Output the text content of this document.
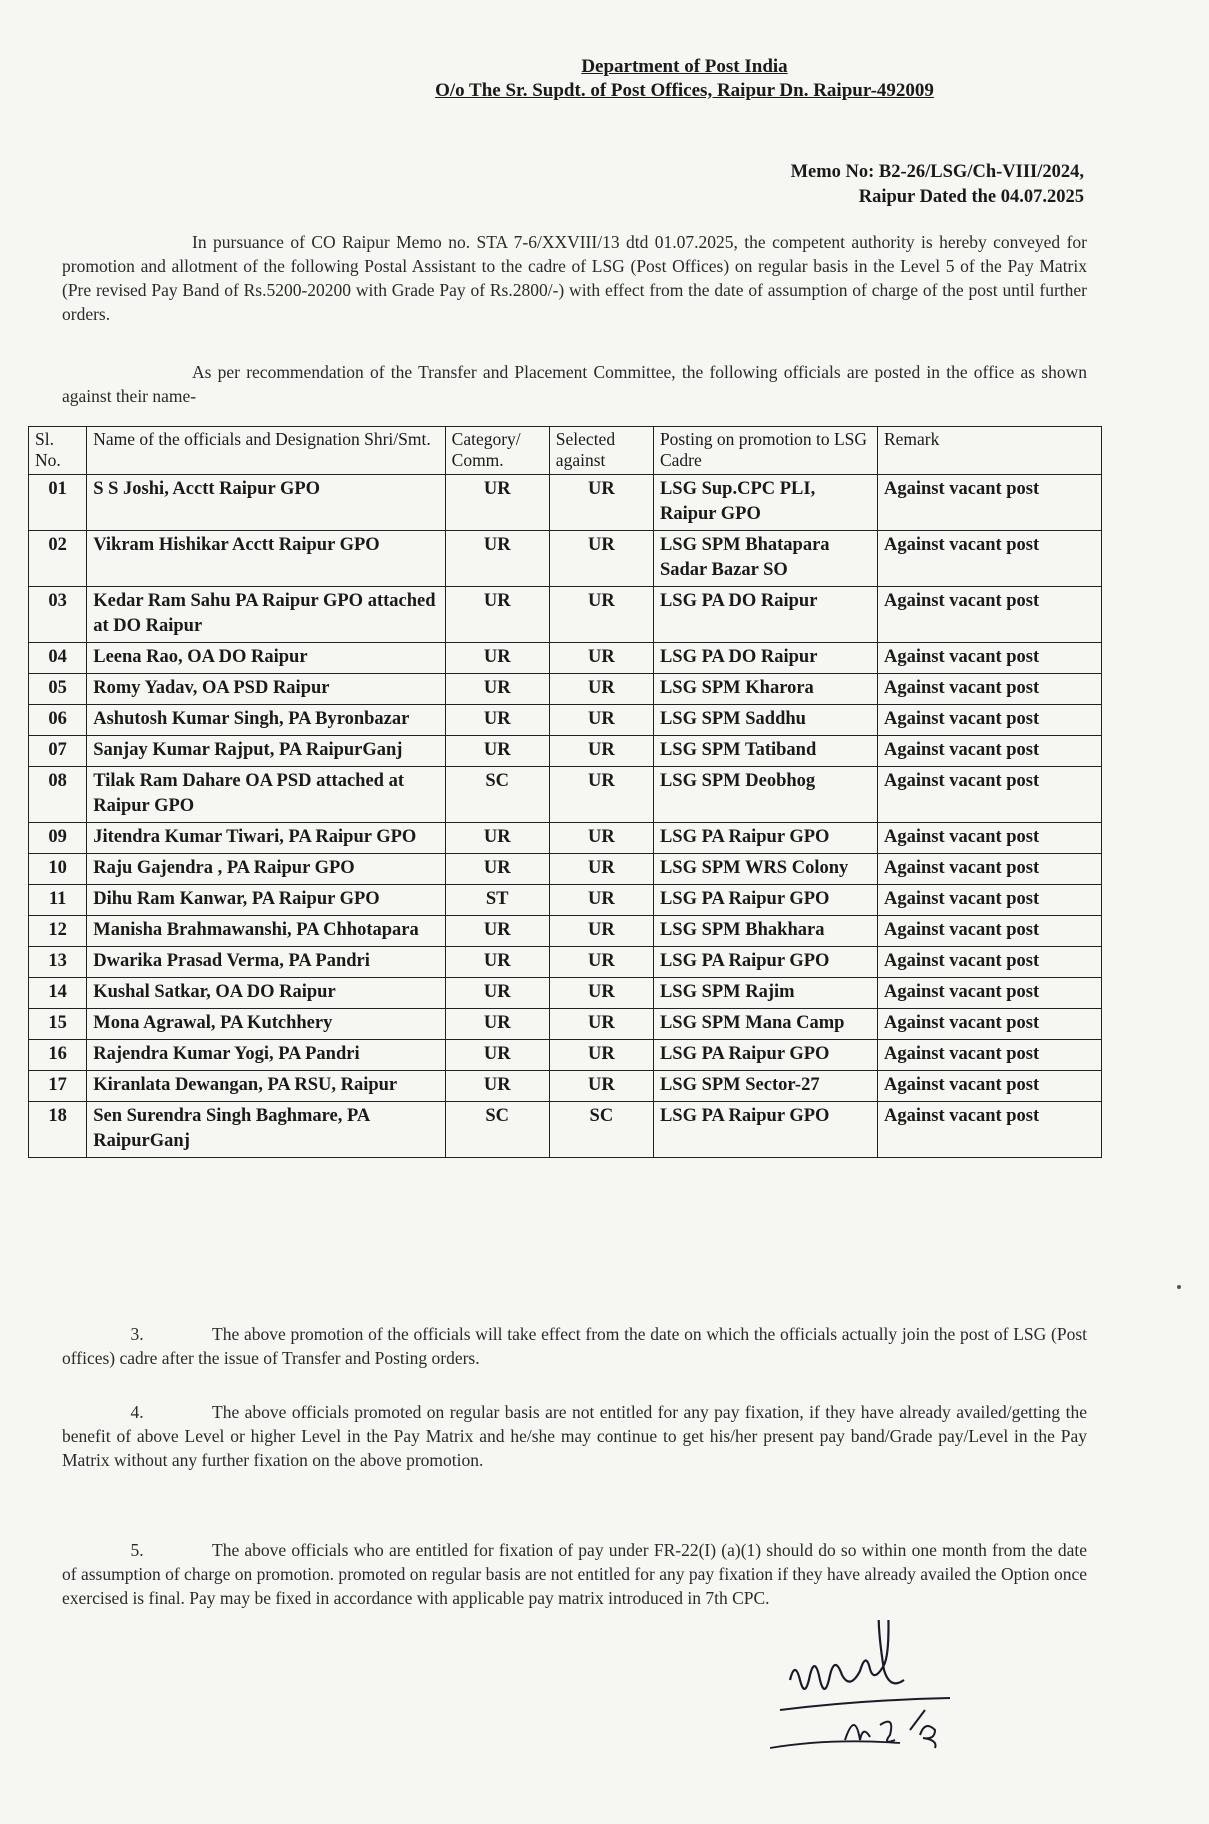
Department of Post India
O/o The Sr. Supdt. of Post Offices, Raipur Dn. Raipur-492009
Memo No: B2-26/LSG/Ch-VIII/2024,
Raipur Dated the 04.07.2025
In pursuance of CO Raipur Memo no. STA 7-6/XXVIII/13 dtd 01.07.2025, the competent authority is hereby conveyed for promotion and allotment of the following Postal Assistant to the cadre of LSG (Post Offices) on regular basis in the Level 5 of the Pay Matrix (Pre revised Pay Band of Rs.5200-20200 with Grade Pay of Rs.2800/-) with effect from the date of assumption of charge of the post until further orders.
As per recommendation of the Transfer and Placement Committee, the following officials are posted in the office as shown against their name-
Sl. No.	Name of the officials and Designation Shri/Smt.	Category/ Comm.	Selected against	Posting on promotion to LSG Cadre	Remark
01	S S Joshi, Acctt Raipur GPO	UR	UR	LSG Sup.CPC PLI, Raipur GPO	Against vacant post
02	Vikram Hishikar Acctt Raipur GPO	UR	UR	LSG SPM Bhatapara Sadar Bazar SO	Against vacant post
03	Kedar Ram Sahu PA Raipur GPO attached at DO Raipur	UR	UR	LSG PA DO Raipur	Against vacant post
04	Leena Rao, OA DO Raipur	UR	UR	LSG PA DO Raipur	Against vacant post
05	Romy Yadav, OA PSD Raipur	UR	UR	LSG SPM Kharora	Against vacant post
06	Ashutosh Kumar Singh, PA Byronbazar	UR	UR	LSG SPM Saddhu	Against vacant post
07	Sanjay Kumar Rajput, PA RaipurGanj	UR	UR	LSG SPM Tatiband	Against vacant post
08	Tilak Ram Dahare OA PSD attached at Raipur GPO	SC	UR	LSG SPM Deobhog	Against vacant post
09	Jitendra Kumar Tiwari, PA Raipur GPO	UR	UR	LSG PA Raipur GPO	Against vacant post
10	Raju Gajendra , PA Raipur GPO	UR	UR	LSG SPM WRS Colony	Against vacant post
11	Dihu Ram Kanwar, PA Raipur GPO	ST	UR	LSG PA Raipur GPO	Against vacant post
12	Manisha Brahmawanshi, PA Chhotapara	UR	UR	LSG SPM Bhakhara	Against vacant post
13	Dwarika Prasad Verma, PA Pandri	UR	UR	LSG PA Raipur GPO	Against vacant post
14	Kushal Satkar, OA DO Raipur	UR	UR	LSG SPM Rajim	Against vacant post
15	Mona Agrawal, PA Kutchhery	UR	UR	LSG SPM Mana Camp	Against vacant post
16	Rajendra Kumar Yogi, PA Pandri	UR	UR	LSG PA Raipur GPO	Against vacant post
17	Kiranlata Dewangan, PA RSU, Raipur	UR	UR	LSG SPM Sector-27	Against vacant post
18	Sen Surendra Singh Baghmare, PA RaipurGanj	SC	SC	LSG PA Raipur GPO	Against vacant post
3.	The above promotion of the officials will take effect from the date on which the officials actually join the post of LSG (Post offices) cadre after the issue of Transfer and Posting orders.
4.	The above officials promoted on regular basis are not entitled for any pay fixation, if they have already availed/getting the benefit of above Level or higher Level in the Pay Matrix and he/she may continue to get his/her present pay band/Grade pay/Level in the Pay Matrix without any further fixation on the above promotion.
5.	The above officials who are entitled for fixation of pay under FR-22(I) (a)(1) should do so within one month from the date of assumption of charge on promotion. promoted on regular basis are not entitled for any pay fixation if they have already availed the Option once exercised is final. Pay may be fixed in accordance with applicable pay matrix introduced in 7th CPC.
